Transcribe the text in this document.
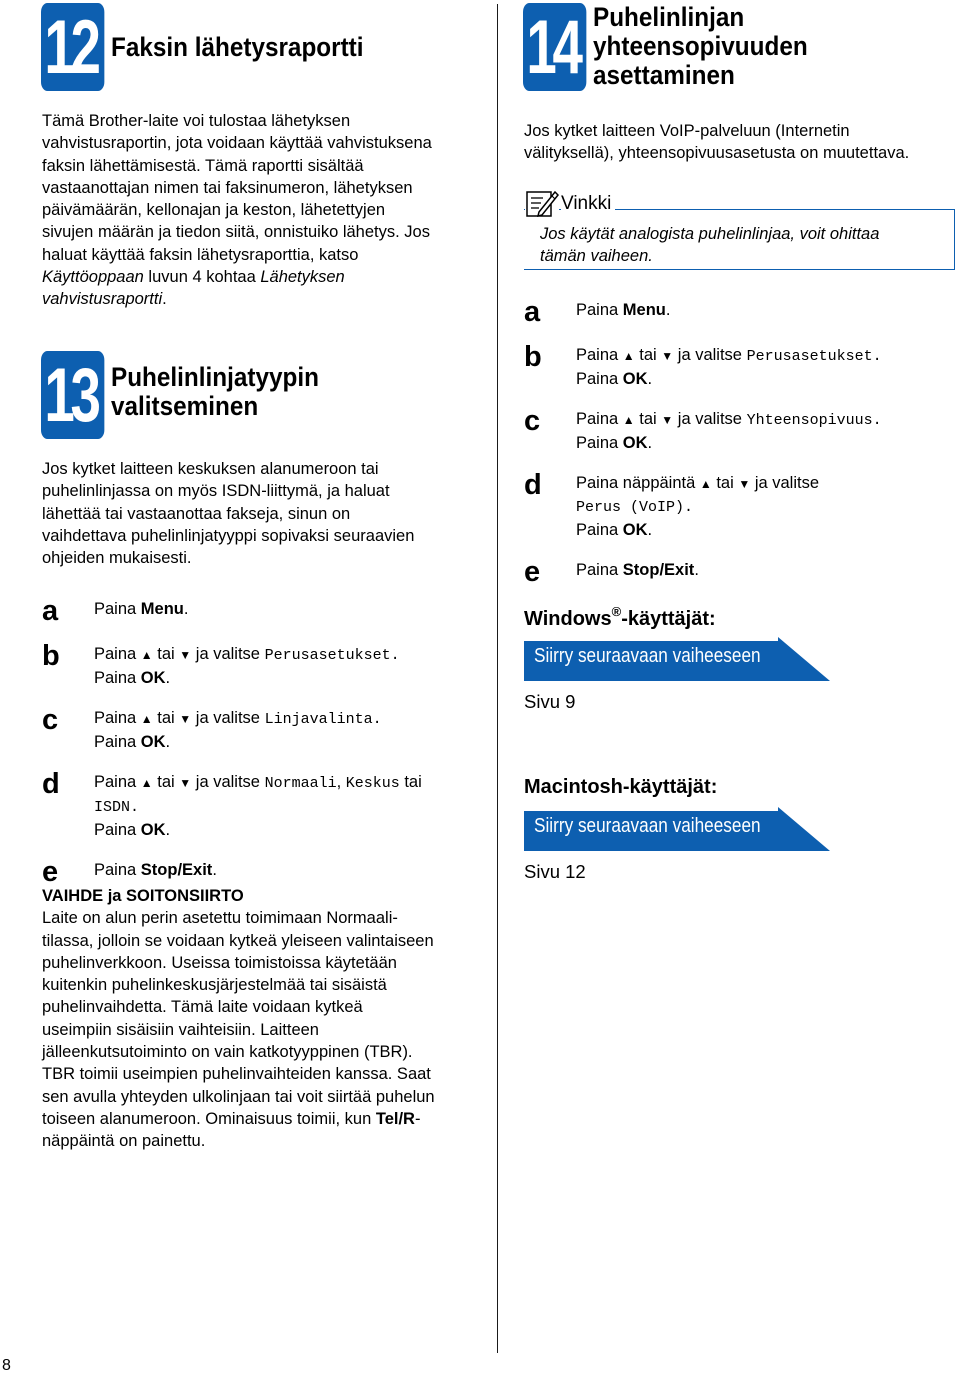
12 Faksin lähetysraportti
Tämä Brother-laite voi tulostaa lähetyksen
vahvistusraportin, jota voidaan käyttää vahvistuksena
faksin lähettämisestä. Tämä raportti sisältää
vastaanottajan nimen tai faksinumeron, lähetyksen
päivämäärän, kellonajan ja keston, lähetettyjen
sivujen määrän ja tiedon siitä, onnistuiko lähetys. Jos
haluat käyttää faksin lähetysraporttia, katso
Käyttöoppaan luvun 4 kohtaa Lähetyksen
vahvistusraportti.
13 Puhelinlinjatyypin
valitseminen
Jos kytket laitteen keskuksen alanumeroon tai
puhelinlinjassa on myös ISDN-liittymä, ja haluat
lähettää tai vastaanottaa fakseja, sinun on
vaihdettava puhelinlinjatyyppi sopivaksi seuraavien
ohjeiden mukaisesti.
a	Paina Menu.
b	Paina ▲ tai ▼ ja valitse Perusasetukset.
Paina OK.
c	Paina ▲ tai ▼ ja valitse Linjavalinta.
Paina OK.
d	Paina ▲ tai ▼ ja valitse Normaali, Keskus tai
ISDN.
Paina OK.
e	Paina Stop/Exit.
VAIHDE ja SOITONSIIRTO
Laite on alun perin asetettu toimimaan Normaali-
tilassa, jolloin se voidaan kytkeä yleiseen valintaiseen
puhelinverkkoon. Useissa toimistoissa käytetään
kuitenkin puhelinkeskusjärjestelmää tai sisäistä
puhelinvaihdetta. Tämä laite voidaan kytkeä
useimpiin sisäisiin vaihteisiin. Laitteen
jälleenkutsutoiminto on vain katkotyyppinen (TBR).
TBR toimii useimpien puhelinvaihteiden kanssa. Saat
sen avulla yhteyden ulkolinjaan tai voit siirtää puhelun
toiseen alanumeroon. Ominaisuus toimii, kun Tel/R-
näppäintä on painettu.
14 Puhelinlinjan
yhteensopivuuden
asettaminen
Jos kytket laitteen VoIP-palveluun (Internetin
välityksellä), yhteensopivuusasetusta on muutettava.
Vinkki
Jos käytät analogista puhelinlinjaa, voit ohittaa
tämän vaiheen.
a	Paina Menu.
b	Paina ▲ tai ▼ ja valitse Perusasetukset.
Paina OK.
c	Paina ▲ tai ▼ ja valitse Yhteensopivuus.
Paina OK.
d	Paina näppäintä ▲ tai ▼ ja valitse
Perus (VoIP).
Paina OK.
e	Paina Stop/Exit.
Windows®-käyttäjät:
Siirry seuraavaan vaiheeseen
Sivu 9
Macintosh-käyttäjät:
Siirry seuraavaan vaiheeseen
Sivu 12
8
